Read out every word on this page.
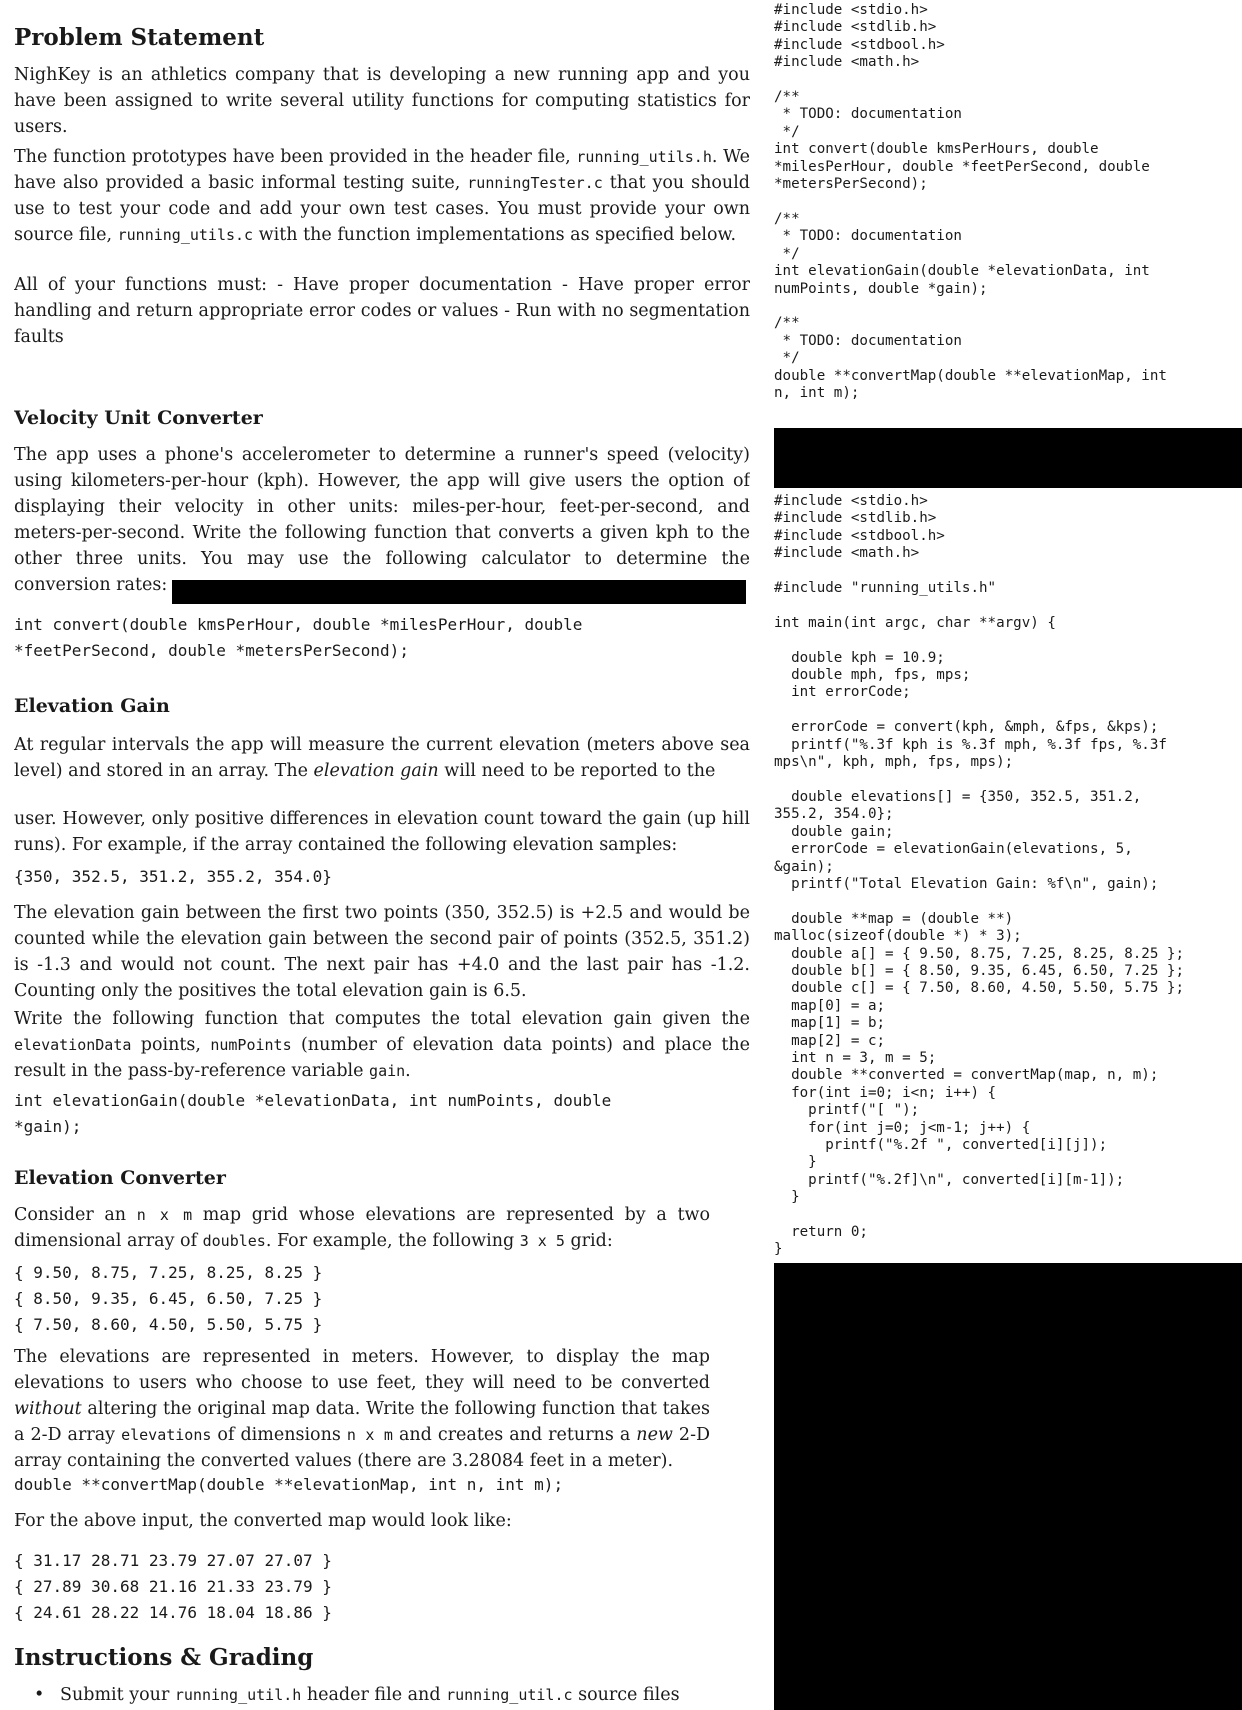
Problem Statement

NighKey is an athletics company that is developing a new running app and you have been assigned to write several utility functions for computing statistics for users.

The function prototypes have been provided in the header file, running_utils.h. We have also provided a basic informal testing suite, runningTester.c that you should use to test your code and add your own test cases. You must provide your own source file, running_utils.c with the function implementations as specified below.

All of your functions must: - Have proper documentation - Have proper error handling and return appropriate error codes or values - Run with no segmentation faults

Velocity Unit Converter

The app uses a phone's accelerometer to determine a runner's speed (velocity) using kilometers-per-hour (kph). However, the app will give users the option of displaying their velocity in other units: miles-per-hour, feet-per-second, and meters-per-second. Write the following function that converts a given kph to the other three units. You may use the following calculator to determine the conversion rates:

int convert(double kmsPerHour, double *milesPerHour, double

*feetPerSecond, double *metersPerSecond);

Elevation Gain

At regular intervals the app will measure the current elevation (meters above sea level) and stored in an array. The elevation gain will need to be reported to the

user. However, only positive differences in elevation count toward the gain (up hill runs). For example, if the array contained the following elevation samples:

{350, 352.5, 351.2, 355.2, 354.0}

The elevation gain between the first two points (350, 352.5) is +2.5 and would be counted while the elevation gain between the second pair of points (352.5, 351.2) is -1.3 and would not count. The next pair has +4.0 and the last pair has -1.2. Counting only the positives the total elevation gain is 6.5.

Write the following function that computes the total elevation gain given the elevationData points, numPoints (number of elevation data points) and place the result in the pass-by-reference variable gain.

int elevationGain(double *elevationData, int numPoints, double

*gain);

Elevation Converter

Consider an n x m map grid whose elevations are represented by a two dimensional array of doubles. For example, the following 3 x 5 grid:

{ 9.50, 8.75, 7.25, 8.25, 8.25 }

{ 8.50, 9.35, 6.45, 6.50, 7.25 }

{ 7.50, 8.60, 4.50, 5.50, 5.75 }

The elevations are represented in meters. However, to display the map elevations to users who choose to use feet, they will need to be converted without altering the original map data. Write the following function that takes a 2-D array elevations of dimensions n x m and creates and returns a new 2-D array containing the converted values (there are 3.28084 feet in a meter).

double **convertMap(double **elevationMap, int n, int m);

For the above input, the converted map would look like:

{ 31.17 28.71 23.79 27.07 27.07 }

{ 27.89 30.68 21.16 21.33 23.79 }

{ 24.61 28.22 14.76 18.04 18.86 }

Instructions & Grading
• Submit your running_util.h header file and running_util.c source files
#include <stdio.h>
#include <stdlib.h>
#include <stdbool.h>
#include <math.h>

/**
* TODO: documentation
*/
int convert(double kmsPerHours, double
*milesPerHour, double *feetPerSecond, double
*metersPerSecond);

/**
* TODO: documentation
*/
int elevationGain(double *elevationData, int
numPoints, double *gain);

/**
* TODO: documentation
*/
double **convertMap(double **elevationMap, int
n, int m);
#include <stdio.h>
#include <stdlib.h>
#include <stdbool.h>
#include <math.h>

#include "running_utils.h"

int main(int argc, char **argv) {

double kph = 10.9;
double mph, fps, mps;
int errorCode;

errorCode = convert(kph, &mph, &fps, &kps);
printf("%.3f kph is %.3f mph, %.3f fps, %.3f
mps\n", kph, mph, fps, mps);

double elevations[] = {350, 352.5, 351.2,
355.2, 354.0};
double gain;
errorCode = elevationGain(elevations, 5,
&gain);
printf("Total Elevation Gain: %f\n", gain);

double **map = (double **)
malloc(sizeof(double *) * 3);
double a[] = { 9.50, 8.75, 7.25, 8.25, 8.25 };
double b[] = { 8.50, 9.35, 6.45, 6.50, 7.25 };
double c[] = { 7.50, 8.60, 4.50, 5.50, 5.75 };
map[0] = a;
map[1] = b;
map[2] = c;
int n = 3, m = 5;
double **converted = convertMap(map, n, m);
for(int i=0; i<n; i++) {
printf("[ ");
for(int j=0; j<m-1; j++) {
printf("%.2f ", converted[i][j]);
}
printf("%.2f]\n", converted[i][m-1]);
}

return 0;
}
